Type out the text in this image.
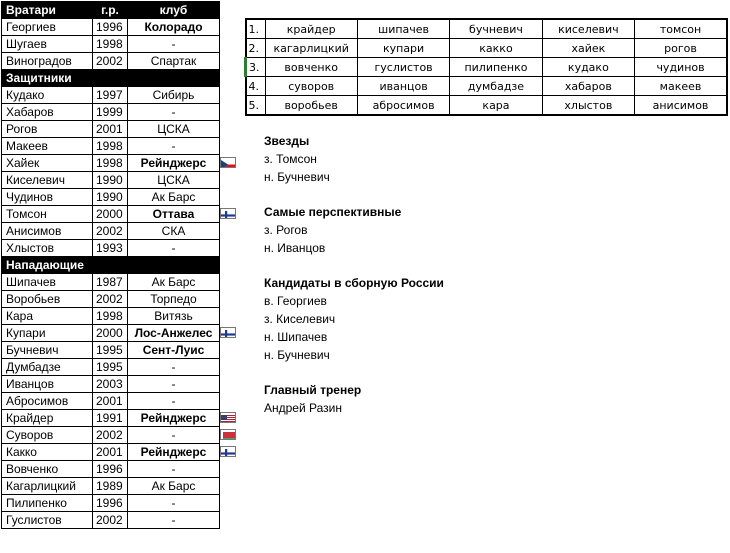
Вратари	г.р.	клуб
Георгиев	1996	Колорадо
Шугаев	1998	-
Виноградов	2002	Спартак
Защитники		
Кудако	1997	Сибирь
Хабаров	1999	-
Рогов	2001	ЦСКА
Макеев	1998	-
Хайек	1998	Рейнджерс
Киселевич	1990	ЦСКА
Чудинов	1990	Ак Барс
Томсон	2000	Оттава
Анисимов	2002	СКА
Хлыстов	1993	-
Нападающие		
Шипачев	1987	Ак Барс
Воробьев	2002	Торпедо
Кара	1998	Витязь
Купари	2000	Лос-Анжелес
Бучневич	1995	Сент-Луис
Думбадзе	1995	-
Иванцов	2003	-
Абросимов	2001	-
Крайдер	1991	Рейнджерс
Суворов	2002	-
Какко	2001	Рейнджерс
Вовченко	1996	-
Кагарлицкий	1989	Ак Барс
Пилипенко	1996	-
Гуслистов	2002	-
1.	крайдер	шипачев	бучневич	киселевич	томсон
2.	кагарлицкий	купари	какко	хайек	рогов
3.	вовченко	гуслистов	пилипенко	кудако	чудинов
4.	суворов	иванцов	думбадзе	хабаров	макеев
5.	воробьев	абросимов	кара	хлыстов	анисимов
Звезды
з. Томсон
н. Бучневич
Самые перспективные
з. Рогов
н. Иванцов
Кандидаты в сборную России
в. Георгиев
з. Киселевич
н. Шипачев
н. Бучневич
Главный тренер
Андрей Разин
